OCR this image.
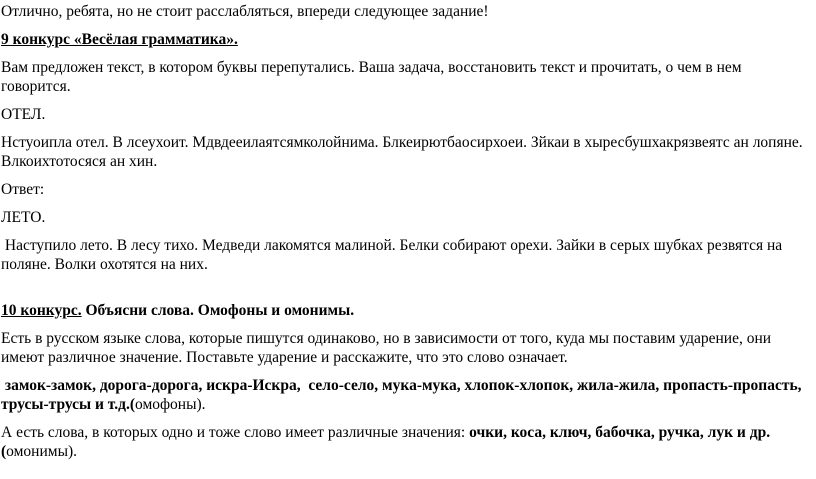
Отлично, ребята, но не стоит расслабляться, впереди следующее задание!

9 конкурс «Весёлая грамматика».

Вам предложен текст, в котором буквы перепутались. Ваша задача, восстановить текст и прочитать, о чем в нем говорится.

ОТЕЛ.

Нстуоипла отел. В лсеухоит. Мдвдееилаятсямколойнима. Блкеирютбаосирхоеи. Зйкаи в хыресбушхакрязвеятс ан лопяне. Влкоихтотосяся ан хин.

Ответ:

ЛЕТО.

Наступило лето. В лесу тихо. Медведи лакомятся малиной. Белки собирают орехи. Зайки в серых шубках резвятся на поляне. Волки охотятся на них.

10 конкурс. Объясни слова. Омофоны и омонимы.

Есть в русском языке слова, которые пишутся одинаково, но в зависимости от того, куда мы поставим ударение, они имеют различное значение. Поставьте ударение и расскажите, что это слово означает.

замок-замок, дорога-дорога, искра-Искра,  село-село, мука-мука, хлопок-хлопок, жила-жила, пропасть-пропасть, трусы-трусы и т.д.(омофоны).

А есть слова, в которых одно и тоже слово имеет различные значения: очки, коса, ключ, бабочка, ручка, лук и др.(омонимы).
